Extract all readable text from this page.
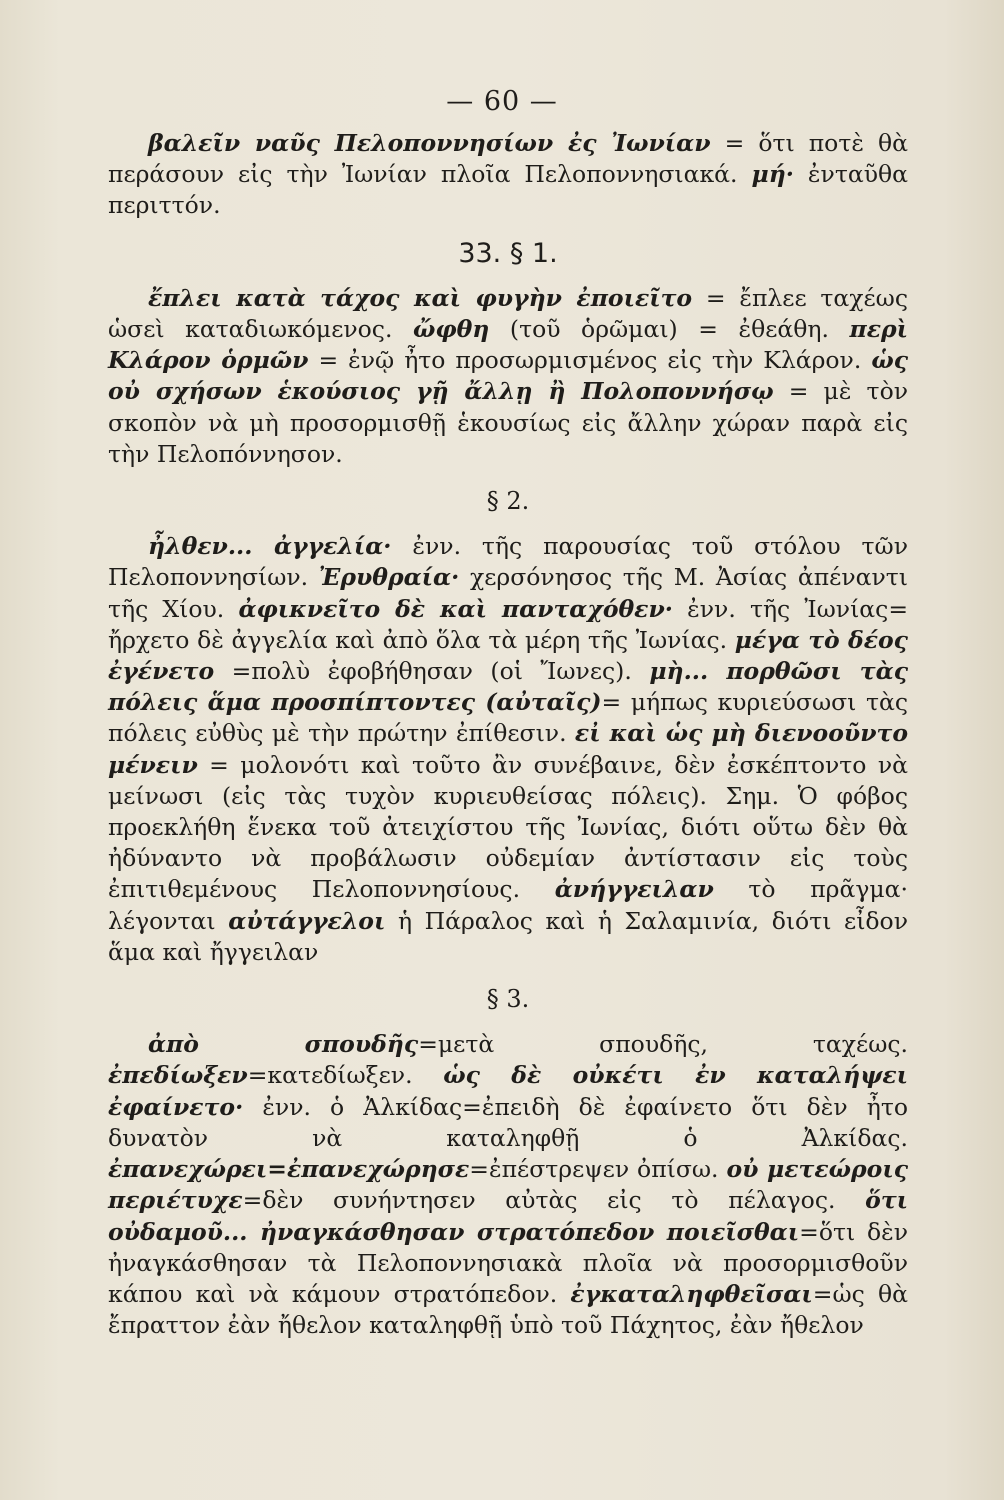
— 60 —

βαλεῖν ναῦς Πελοποννησίων ἐς Ἰωνίαν = ὅτι ποτὲ θὰ περάσουν εἰς τὴν Ἰωνίαν πλοῖα Πελοποννησιακά. μή· ἐνταῦθα περιττόν.

33. § 1.

ἔπλει κατὰ τάχος καὶ φυγὴν ἐποιεῖτο = ἔπλεε ταχέως ὡσεὶ καταδιωκόμενος. ὤφθη (τοῦ ὁρῶμαι) = ἐθεάθη. περὶ Κλάρον ὁρμῶν = ἐνῷ ἦτο προσωρμισμένος εἰς τὴν Κλάρον. ὡς οὐ σχήσων ἑκούσιος γῇ ἄλλῃ ἢ Πολοποννήσῳ = μὲ τὸν σκοπὸν νὰ μὴ προσορμισθῇ ἑκουσίως εἰς ἄλλην χώραν παρὰ εἰς τὴν Πελοπόννησον.

§ 2.

ἦλθεν... ἀγγελία· ἐνν. τῆς παρουσίας τοῦ στόλου τῶν Πελοποννησίων. Ἐρυθραία· χερσόνησος τῆς Μ. Ἀσίας ἀπέναντι τῆς Χίου. ἀφικνεῖτο δὲ καὶ πανταχόθεν· ἐνν. τῆς Ἰωνίας= ἤρχετο δὲ ἀγγελία καὶ ἀπὸ ὅλα τὰ μέρη τῆς Ἰωνίας. μέγα τὸ δέος ἐγένετο =πολὺ ἐφοβήθησαν (οἱ Ἴωνες). μὴ... πορθῶσι τὰς πόλεις ἅμα προσπίπτοντες (αὐταῖς)= μήπως κυριεύσωσι τὰς πόλεις εὐθὺς μὲ τὴν πρώτην ἐπίθεσιν. εἰ καὶ ὡς μὴ διενοοῦντο μένειν = μολονότι καὶ τοῦτο ἂν συνέβαινε, δὲν ἐσκέπτοντο νὰ μείνωσι (εἰς τὰς τυχὸν κυριευθείσας πόλεις). Σημ. Ὁ φόβος προεκλήθη ἕνεκα τοῦ ἀτειχίστου τῆς Ἰωνίας, διότι οὕτω δὲν θὰ ἠδύναντο νὰ προβάλωσιν οὐδεμίαν ἀντίστασιν εἰς τοὺς ἐπιτιθεμένους Πελοποννησίους. ἀνήγγειλαν τὸ πρᾶγμα· λέγονται αὐτάγγελοι ἡ Πάραλος καὶ ἡ Σαλαμινία, διότι εἶδον ἅμα καὶ ἤγγειλαν

§ 3.

ἀπὸ σπουδῆς=μετὰ σπουδῆς, ταχέως. ἐπεδίωξεν=κατεδίωξεν. ὡς δὲ οὐκέτι ἐν καταλήψει ἐφαίνετο· ἐνν. ὁ Ἀλκίδας=ἐπειδὴ δὲ ἐφαίνετο ὅτι δὲν ἦτο δυνατὸν νὰ καταληφθῇ ὁ Ἀλκίδας. ἐπανεχώρει=ἐπανεχώρησε=ἐπέστρεψεν ὀπίσω. οὐ μετεώροις περιέτυχε=δὲν συνήντησεν αὐτὰς εἰς τὸ πέλαγος. ὅτι οὐδαμοῦ... ἠναγκάσθησαν στρατόπεδον ποιεῖσθαι=ὅτι δὲν ἠναγκάσθησαν τὰ Πελοποννησιακὰ πλοῖα νὰ προσορμισθοῦν κάπου καὶ νὰ κάμουν στρατόπεδον. ἐγκαταληφθεῖσαι=ὡς θὰ ἔπραττον ἐὰν ἤθελον καταληφθῇ ὑπὸ τοῦ Πάχητος, ἐὰν ἤθελον
